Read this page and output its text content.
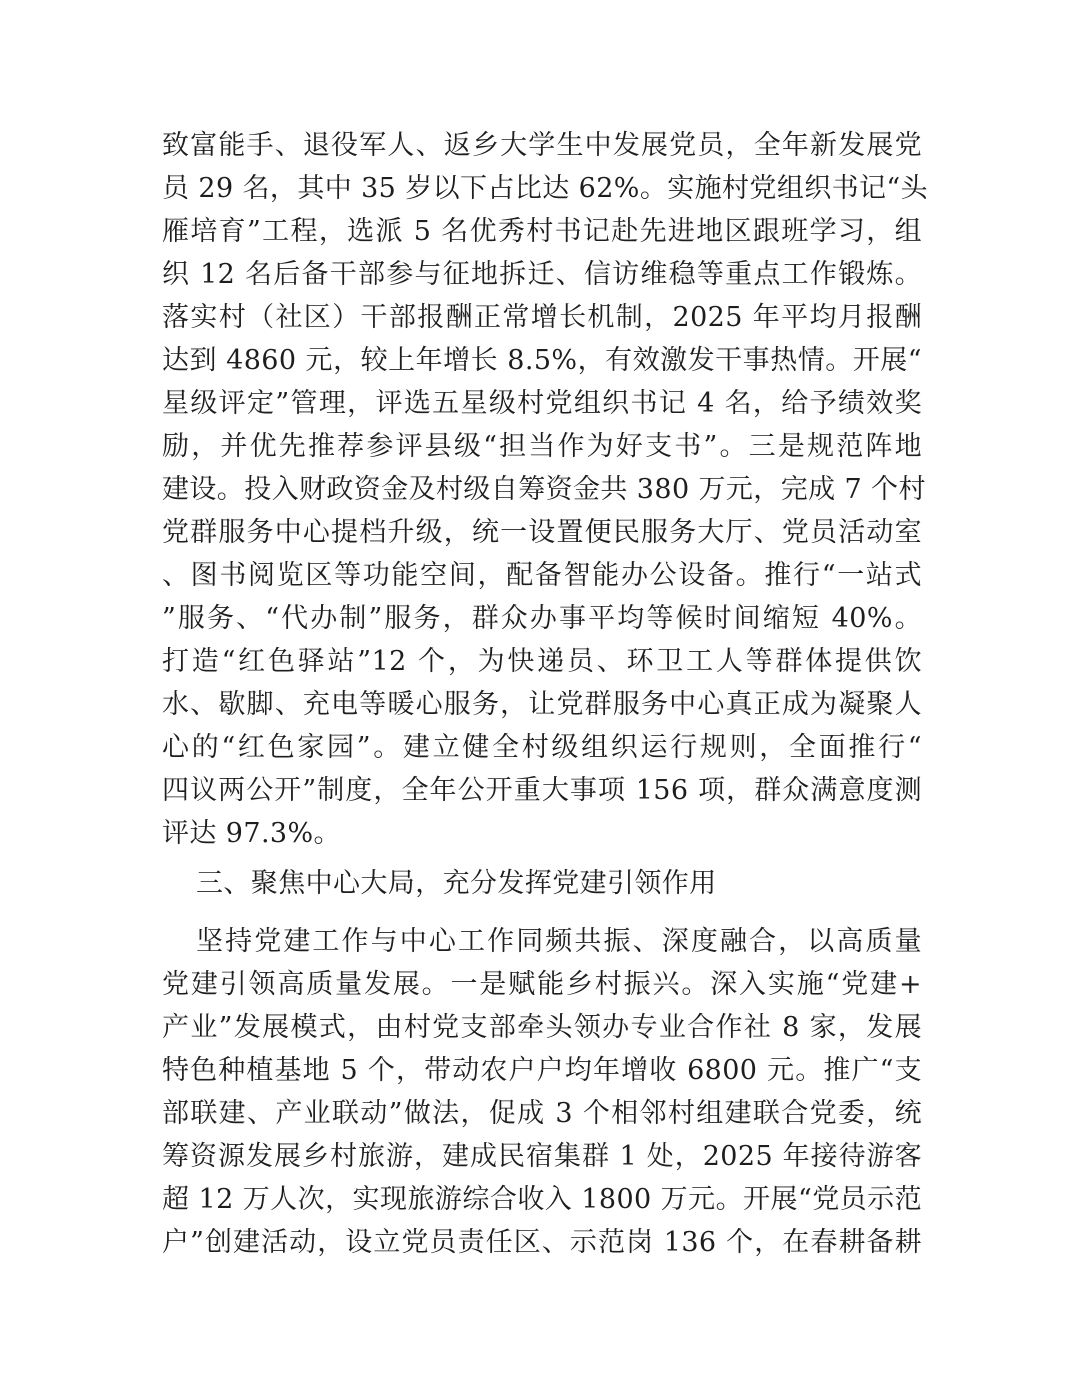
致富能手、退役军人、返乡大学生中发展党员，全年新发展党
员 29 名，其中 35 岁以下占比达 62%。实施村党组织书记“头
雁培育”工程，选派 5 名优秀村书记赴先进地区跟班学习，组
织 12 名后备干部参与征地拆迁、信访维稳等重点工作锻炼。
落实村（社区）干部报酬正常增长机制，2025 年平均月报酬
达到 4860 元，较上年增长 8.5%，有效激发干事热情。开展“
星级评定”管理，评选五星级村党组织书记 4 名，给予绩效奖
励，并优先推荐参评县级“担当作为好支书”。三是规范阵地
建设。投入财政资金及村级自筹资金共 380 万元，完成 7 个村
党群服务中心提档升级，统一设置便民服务大厅、党员活动室
、图书阅览区等功能空间，配备智能办公设备。推行“一站式
”服务、“代办制”服务，群众办事平均等候时间缩短 40%。
打造“红色驿站”12 个，为快递员、环卫工人等群体提供饮
水、歇脚、充电等暖心服务，让党群服务中心真正成为凝聚人
心的“红色家园”。建立健全村级组织运行规则，全面推行“
四议两公开”制度，全年公开重大事项 156 项，群众满意度测
评达 97.3%。
三、聚焦中心大局，充分发挥党建引领作用
坚持党建工作与中心工作同频共振、深度融合，以高质量
党建引领高质量发展。一是赋能乡村振兴。深入实施“党建+
产业”发展模式，由村党支部牵头领办专业合作社 8 家，发展
特色种植基地 5 个，带动农户户均年增收 6800 元。推广“支
部联建、产业联动”做法，促成 3 个相邻村组建联合党委，统
筹资源发展乡村旅游，建成民宿集群 1 处，2025 年接待游客
超 12 万人次，实现旅游综合收入 1800 万元。开展“党员示范
户”创建活动，设立党员责任区、示范岗 136 个，在春耕备耕
